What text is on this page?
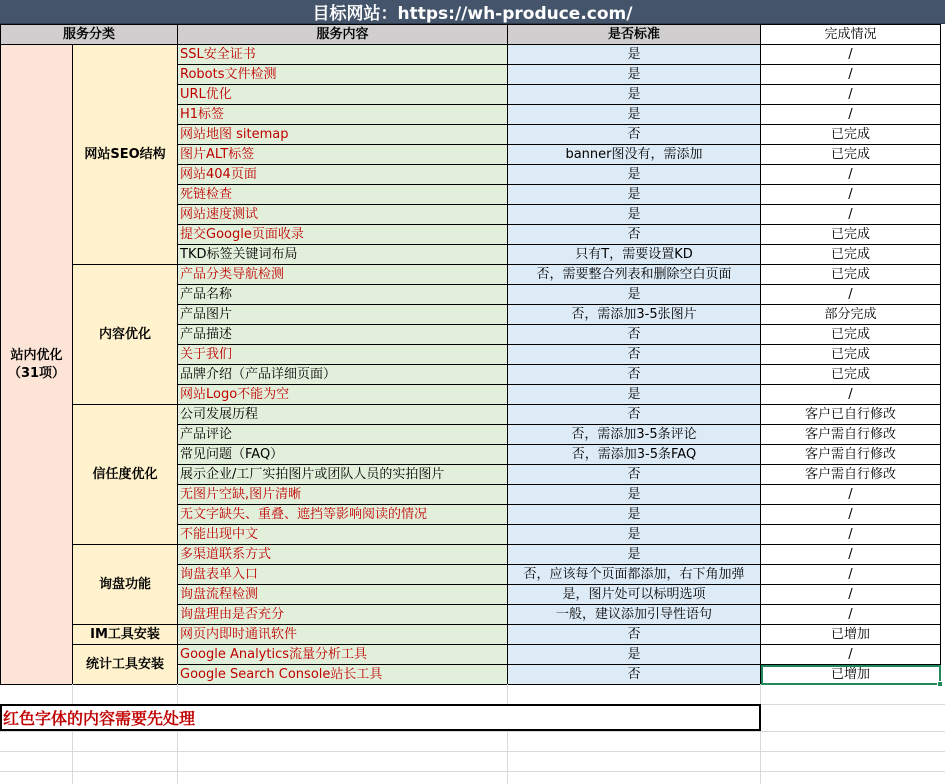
目标网站：https://wh-produce.com/
服务分类		服务内容	是否标准	完成情况
站内优化
（31项）	网站SEO结构	SSL安全证书	是	/
		Robots文件检测	是	/
		URL优化	是	/
		H1标签	是	/
		网站地图 sitemap	否	已完成
		图片ALT标签	banner图没有，需添加	已完成
		网站404页面	是	/
		死链检查	是	/
		网站速度测试	是	/
		提交Google页面收录	否	已完成
		TKD标签关键词布局	只有T，需要设置KD	已完成
	内容优化	产品分类导航检测	否，需要整合列表和删除空白页面	已完成
		产品名称	是	/
		产品图片	否，需添加3-5张图片	部分完成
		产品描述	否	已完成
		关于我们	否	已完成
		品牌介绍（产品详细页面）	否	已完成
		网站Logo不能为空	是	/
	信任度优化	公司发展历程	否	客户已自行修改
		产品评论	否，需添加3-5条评论	客户需自行修改
		常见问题（FAQ）	否，需添加3-5条FAQ	客户需自行修改
		展示企业/工厂实拍图片或团队人员的实拍图片	否	客户需自行修改
		无图片空缺,图片清晰	是	/
		无文字缺失、重叠、遮挡等影响阅读的情况	是	/
		不能出现中文	是	/
	询盘功能	多渠道联系方式	是	/
		询盘表单入口	否，应该每个页面都添加，右下角加弹	/
		询盘流程检测	是，图片处可以标明选项	/
		询盘理由是否充分	一般，建议添加引导性语句	/
	IM工具安装	网页内即时通讯软件	否	已增加
	统计工具安装	Google Analytics流量分析工具	是	/
		Google Search Console站长工具	否	已增加
红色字体的内容需要先处理
